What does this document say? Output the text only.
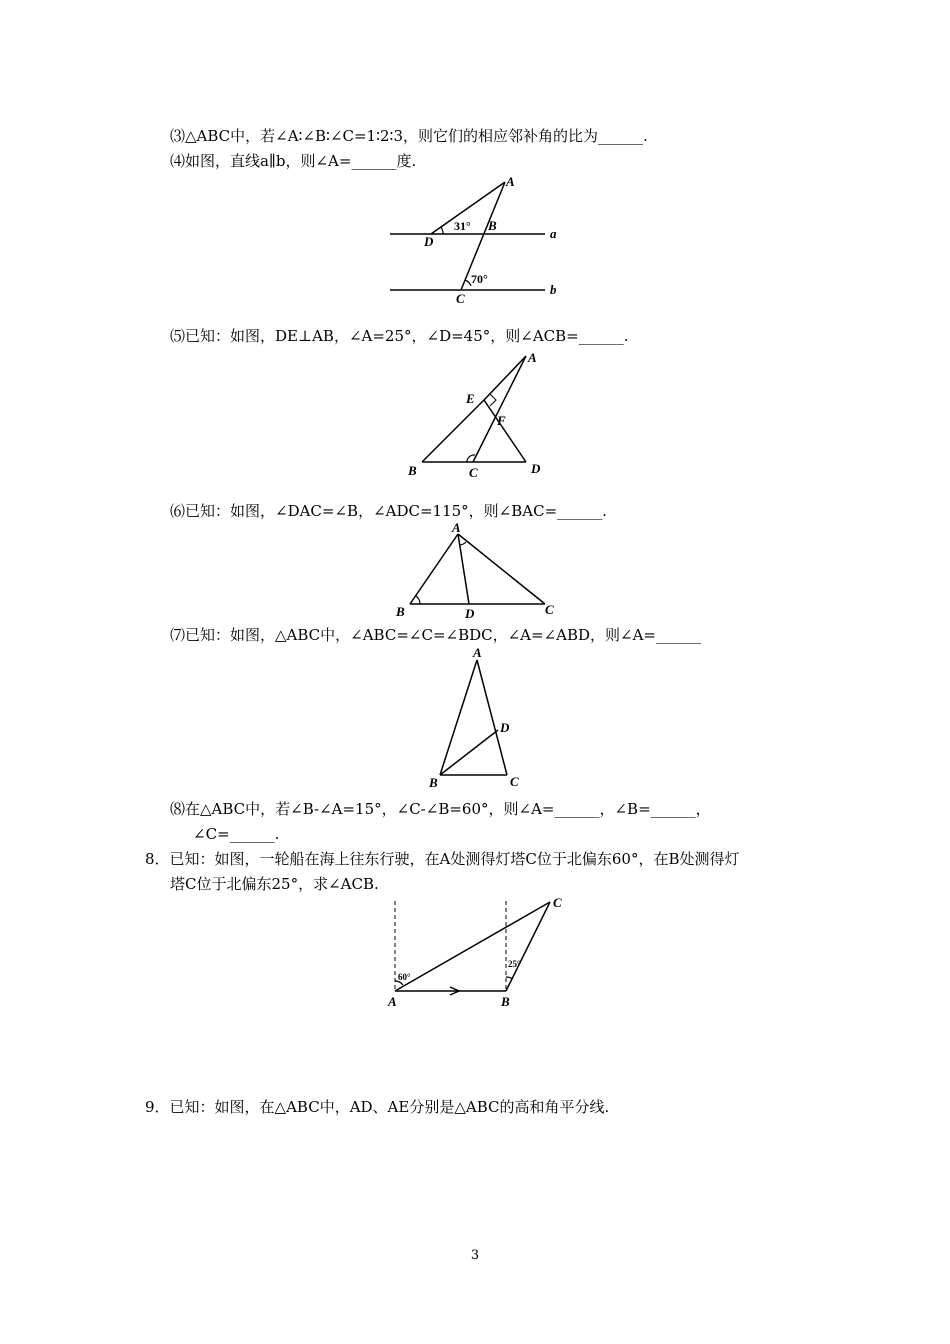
⑶△ABC中，若∠A∶∠B∶∠C=1∶2∶3，则它们的相应邻补角的比为______.
⑷如图，直线a∥b，则∠A=______度.
A
B
D
C
a
b
31°
70°
⑸已知：如图，DE⊥AB，∠A=25°，∠D=45°，则∠ACB=______.
A
E
F
B	C	D
⑹已知：如图，∠DAC=∠B，∠ADC=115°，则∠BAC=______.
A
B	D	C
⑺已知：如图，△ABC中，∠ABC=∠C=∠BDC，∠A=∠ABD，则∠A=______
A
D
B	C
⑻在△ABC中，若∠B-∠A=15°，∠C-∠B=60°，则∠A=______，∠B=______，
∠C=______.
8．已知：如图，一轮船在海上往东行驶，在A处测得灯塔C位于北偏东60°，在B处测得灯
塔C位于北偏东25°，求∠ACB.
A	B
C
60°
25°
9．已知：如图，在△ABC中，AD、AE分别是△ABC的高和角平分线.
3
